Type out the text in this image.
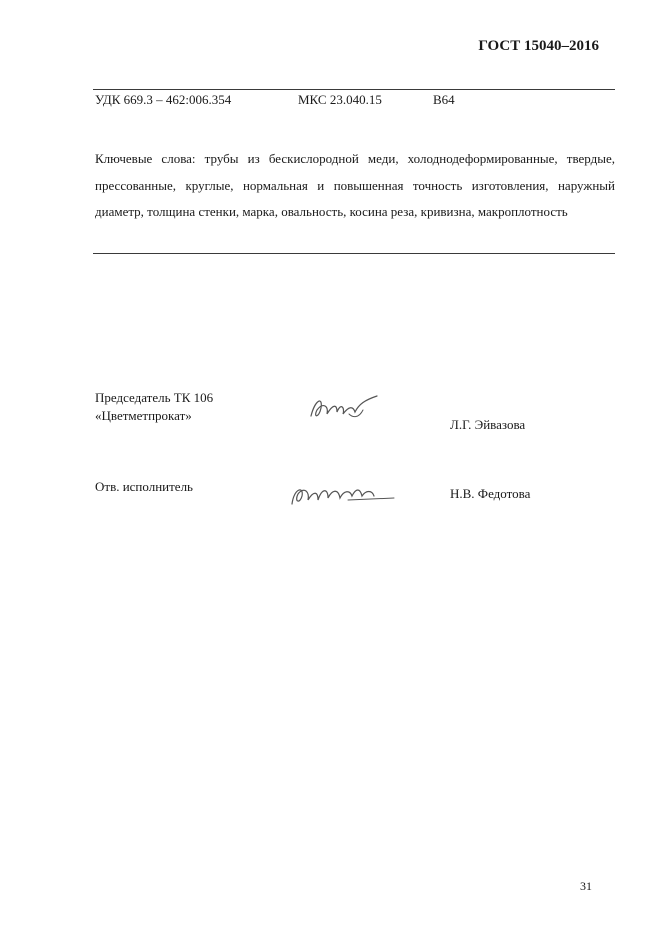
ГОСТ 15040–2016
УДК 669.3 – 462:006.354	МКС 23.040.15	В64

Ключевые слова: трубы из бескислородной меди, холоднодеформированные, твердые, прессованные, круглые, нормальная и повышенная точность изготовления, наружный диаметр, толщина стенки, марка, овальность, косина реза, кривизна, макроплотность

Председатель ТК 106
«Цветметпрокат»
Л.Г. Эйвазова
Отв. исполнитель	Н.В. Федотова
31
